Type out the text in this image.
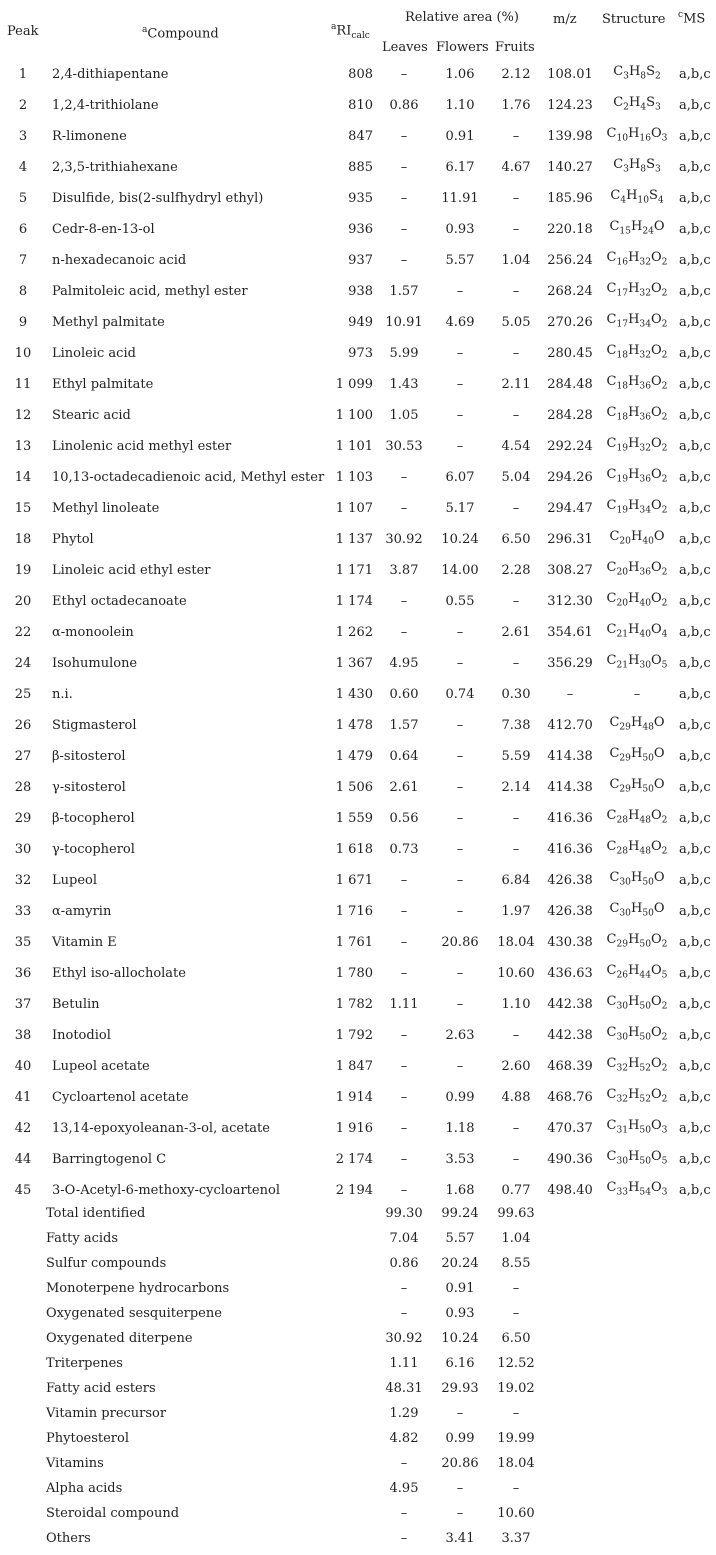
Peak	$^a$Compound	$^aRI_{calc}$
Relative area (%)
Leaves Flowers Fruits
m/z Structure $^c$MS
1	2,4-dithiapentane	808	–	1.06	2.12	108.01	$C_3H_8S_2$	a,b,c
2	1,2,4-trithiolane	810	0.86	1.10	1.76	124.23	$C_2H_4S_3$	a,b,c
3	R-limonene	847	–	0.91	–	139.98	$C_{10}H_{16}O_3$	a,b,c
4	2,3,5-trithiahexane	885	–	6.17	4.67	140.27	$C_3H_8S_3$	a,b,c
5	Disulfide, bis(2-sulfhydryl ethyl)	935	–	11.91	–	185.96	$C_4H_{10}S_4$	a,b,c
6	Cedr-8-en-13-ol	936	–	0.93	–	220.18	$C_{15}H_{24}O$	a,b,c
7	n-hexadecanoic acid	937	–	5.57	1.04	256.24	$C_{16}H_{32}O_2$	a,b,c
8	Palmitoleic acid, methyl ester	938	1.57	–	–	268.24	$C_{17}H_{32}O_2$	a,b,c
9	Methyl palmitate	949	10.91	4.69	5.05	270.26	$C_{17}H_{34}O_2$	a,b,c
10	Linoleic acid	973	5.99	–	–	280.45	$C_{18}H_{32}O_2$	a,b,c
11	Ethyl palmitate	1 099	1.43	–	2.11	284.48	$C_{18}H_{36}O_2$	a,b,c
12	Stearic acid	1 100	1.05	–	–	284.28	$C_{18}H_{36}O_2$	a,b,c
13	Linolenic acid methyl ester	1 101	30.53	–	4.54	292.24	$C_{19}H_{32}O_2$	a,b,c
14	10,13-octadecadienoic acid, Methyl ester	1 103	–	6.07	5.04	294.26	$C_{19}H_{36}O_2$	a,b,c
15	Methyl linoleate	1 107	–	5.17	–	294.47	$C_{19}H_{34}O_2$	a,b,c
18	Phytol	1 137	30.92	10.24	6.50	296.31	$C_{20}H_{40}O$	a,b,c
19	Linoleic acid ethyl ester	1 171	3.87	14.00	2.28	308.27	$C_{20}H_{36}O_2$	a,b,c
20	Ethyl octadecanoate	1 174	–	0.55	–	312.30	$C_{20}H_{40}O_2$	a,b,c
22	α-monoolein	1 262	–	–	2.61	354.61	$C_{21}H_{40}O_4$	a,b,c
24	Isohumulone	1 367	4.95	–	–	356.29	$C_{21}H_{30}O_5$	a,b,c
25	n.i.	1 430	0.60	0.74	0.30	–	–	a,b,c
26	Stigmasterol	1 478	1.57	–	7.38	412.70	$C_{29}H_{48}O$	a,b,c
27	β-sitosterol	1 479	0.64	–	5.59	414.38	$C_{29}H_{50}O$	a,b,c
28	γ-sitosterol	1 506	2.61	–	2.14	414.38	$C_{29}H_{50}O$	a,b,c
29	β-tocopherol	1 559	0.56	–	–	416.36	$C_{28}H_{48}O_2$	a,b,c
30	γ-tocopherol	1 618	0.73	–	–	416.36	$C_{28}H_{48}O_2$	a,b,c
32	Lupeol	1 671	–	–	6.84	426.38	$C_{30}H_{50}O$	a,b,c
33	α-amyrin	1 716	–	–	1.97	426.38	$C_{30}H_{50}O$	a,b,c
35	Vitamin E	1 761	–	20.86	18.04	430.38	$C_{29}H_{50}O_2$	a,b,c
36	Ethyl iso-allocholate	1 780	–	–	10.60	436.63	$C_{26}H_{44}O_5$	a,b,c
37	Betulin	1 782	1.11	–	1.10	442.38	$C_{30}H_{50}O_2$	a,b,c
38	Inotodiol	1 792	–	2.63	–	442.38	$C_{30}H_{50}O_2$	a,b,c
40	Lupeol acetate	1 847	–	–	2.60	468.39	$C_{32}H_{52}O_2$	a,b,c
41	Cycloartenol acetate	1 914	–	0.99	4.88	468.76	$C_{32}H_{52}O_2$	a,b,c
42	13,14-epoxyoleanan-3-ol, acetate	1 916	–	1.18	–	470.37	$C_{31}H_{50}O_3$	a,b,c
44	Barringtogenol C	2 174	–	3.53	–	490.36	$C_{30}H_{50}O_5$	a,b,c
45	3-O-Acetyl-6-methoxy-cycloartenol	2 194	–	1.68	0.77	498.40	$C_{33}H_{54}O_3$	a,b,c
Total identified	99.30	99.24	99.63	
Fatty acids	7.04	5.57	1.04	
Sulfur compounds	0.86	20.24	8.55	
Monoterpene hydrocarbons	–	0.91	–	
Oxygenated sesquiterpene	–	0.93	–	
Oxygenated diterpene	30.92	10.24	6.50	
Triterpenes	1.11	6.16	12.52	
Fatty acid esters	48.31	29.93	19.02	
Vitamin precursor	1.29	–	–	
Phytoesterol	4.82	0.99	19.99	
Vitamins	–	20.86	18.04	
Alpha acids	4.95	–	–	
Steroidal compound	–	–	10.60	
Others	–	3.41	3.37	
